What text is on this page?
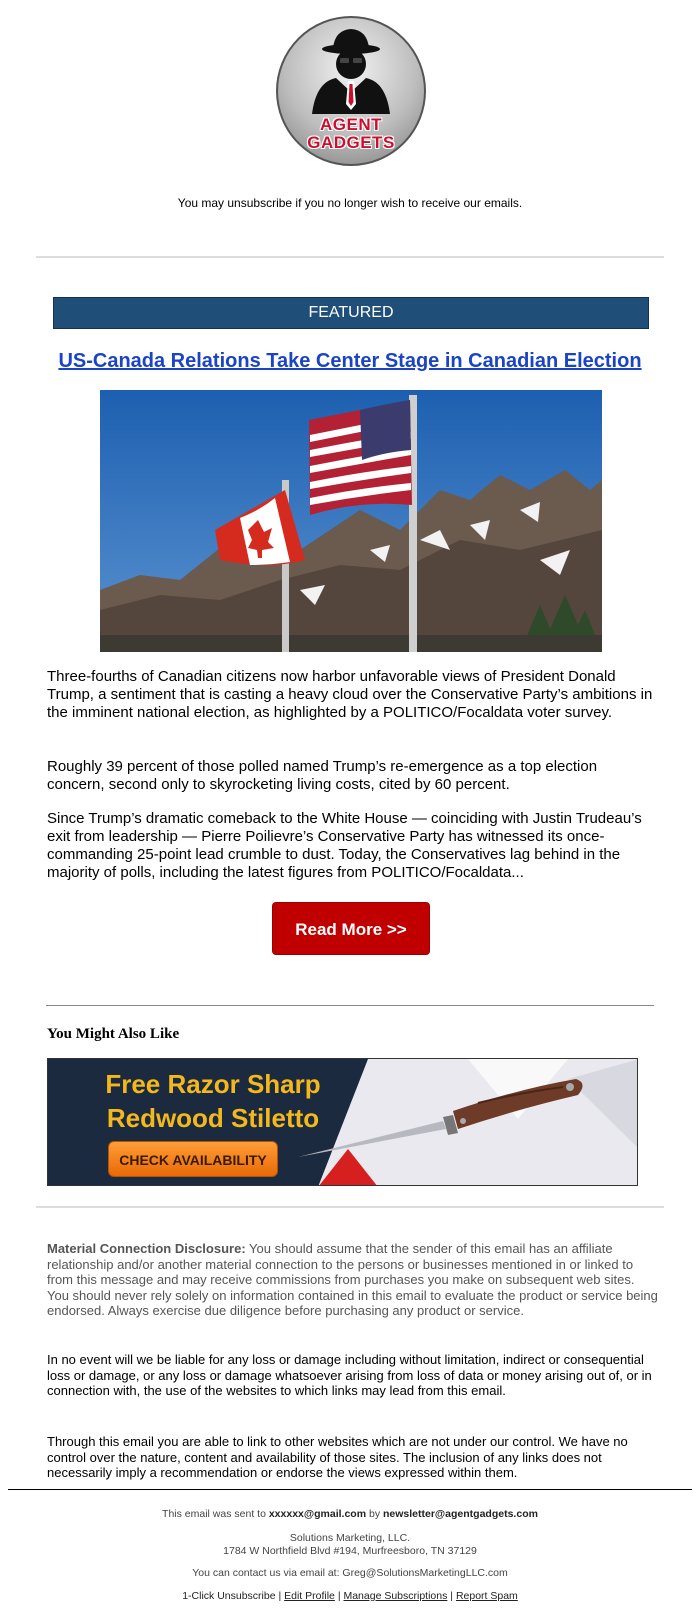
AGENT
GADGETS
You may unsubscribe if you no longer wish to receive our emails.
FEATURED
US-Canada Relations Take Center Stage in Canadian Election

Three-fourths of Canadian citizens now harbor unfavorable views of President Donald Trump, a sentiment that is casting a heavy cloud over the Conservative Party’s ambitions in the imminent national election, as highlighted by a POLITICO/Focaldata voter survey.

Roughly 39 percent of those polled named Trump’s re-emergence as a top election concern, second only to skyrocketing living costs, cited by 60 percent.

Since Trump’s dramatic comeback to the White House — coinciding with Justin Trudeau’s exit from leadership — Pierre Poilievre’s Conservative Party has witnessed its once-commanding 25-point lead crumble to dust. Today, the Conservatives lag behind in the majority of polls, including the latest figures from POLITICO/Focaldata...

Read More >>
You Might Also Like
Free Razor Sharp
Redwood Stiletto
CHECK AVAILABILITY

Material Connection Disclosure: You should assume that the sender of this email has an affiliate relationship and/or another material connection to the persons or businesses mentioned in or linked to from this message and may receive commissions from purchases you make on subsequent web sites. You should never rely solely on information contained in this email to evaluate the product or service being endorsed. Always exercise due diligence before purchasing any product or service.

In no event will we be liable for any loss or damage including without limitation, indirect or consequential loss or damage, or any loss or damage whatsoever arising from loss of data or money arising out of, or in connection with, the use of the websites to which links may lead from this email.

Through this email you are able to link to other websites which are not under our control. We have no control over the nature, content and availability of those sites. The inclusion of any links does not necessarily imply a recommendation or endorse the views expressed within them.

This email was sent to xxxxxx@gmail.com by newsletter@agentgadgets.com
Solutions Marketing, LLC.
1784 W Northfield Blvd #194, Murfreesboro, TN 37129
You can contact us via email at: Greg@SolutionsMarketingLLC.com
1-Click Unsubscribe | Edit Profile | Manage Subscriptions | Report Spam
